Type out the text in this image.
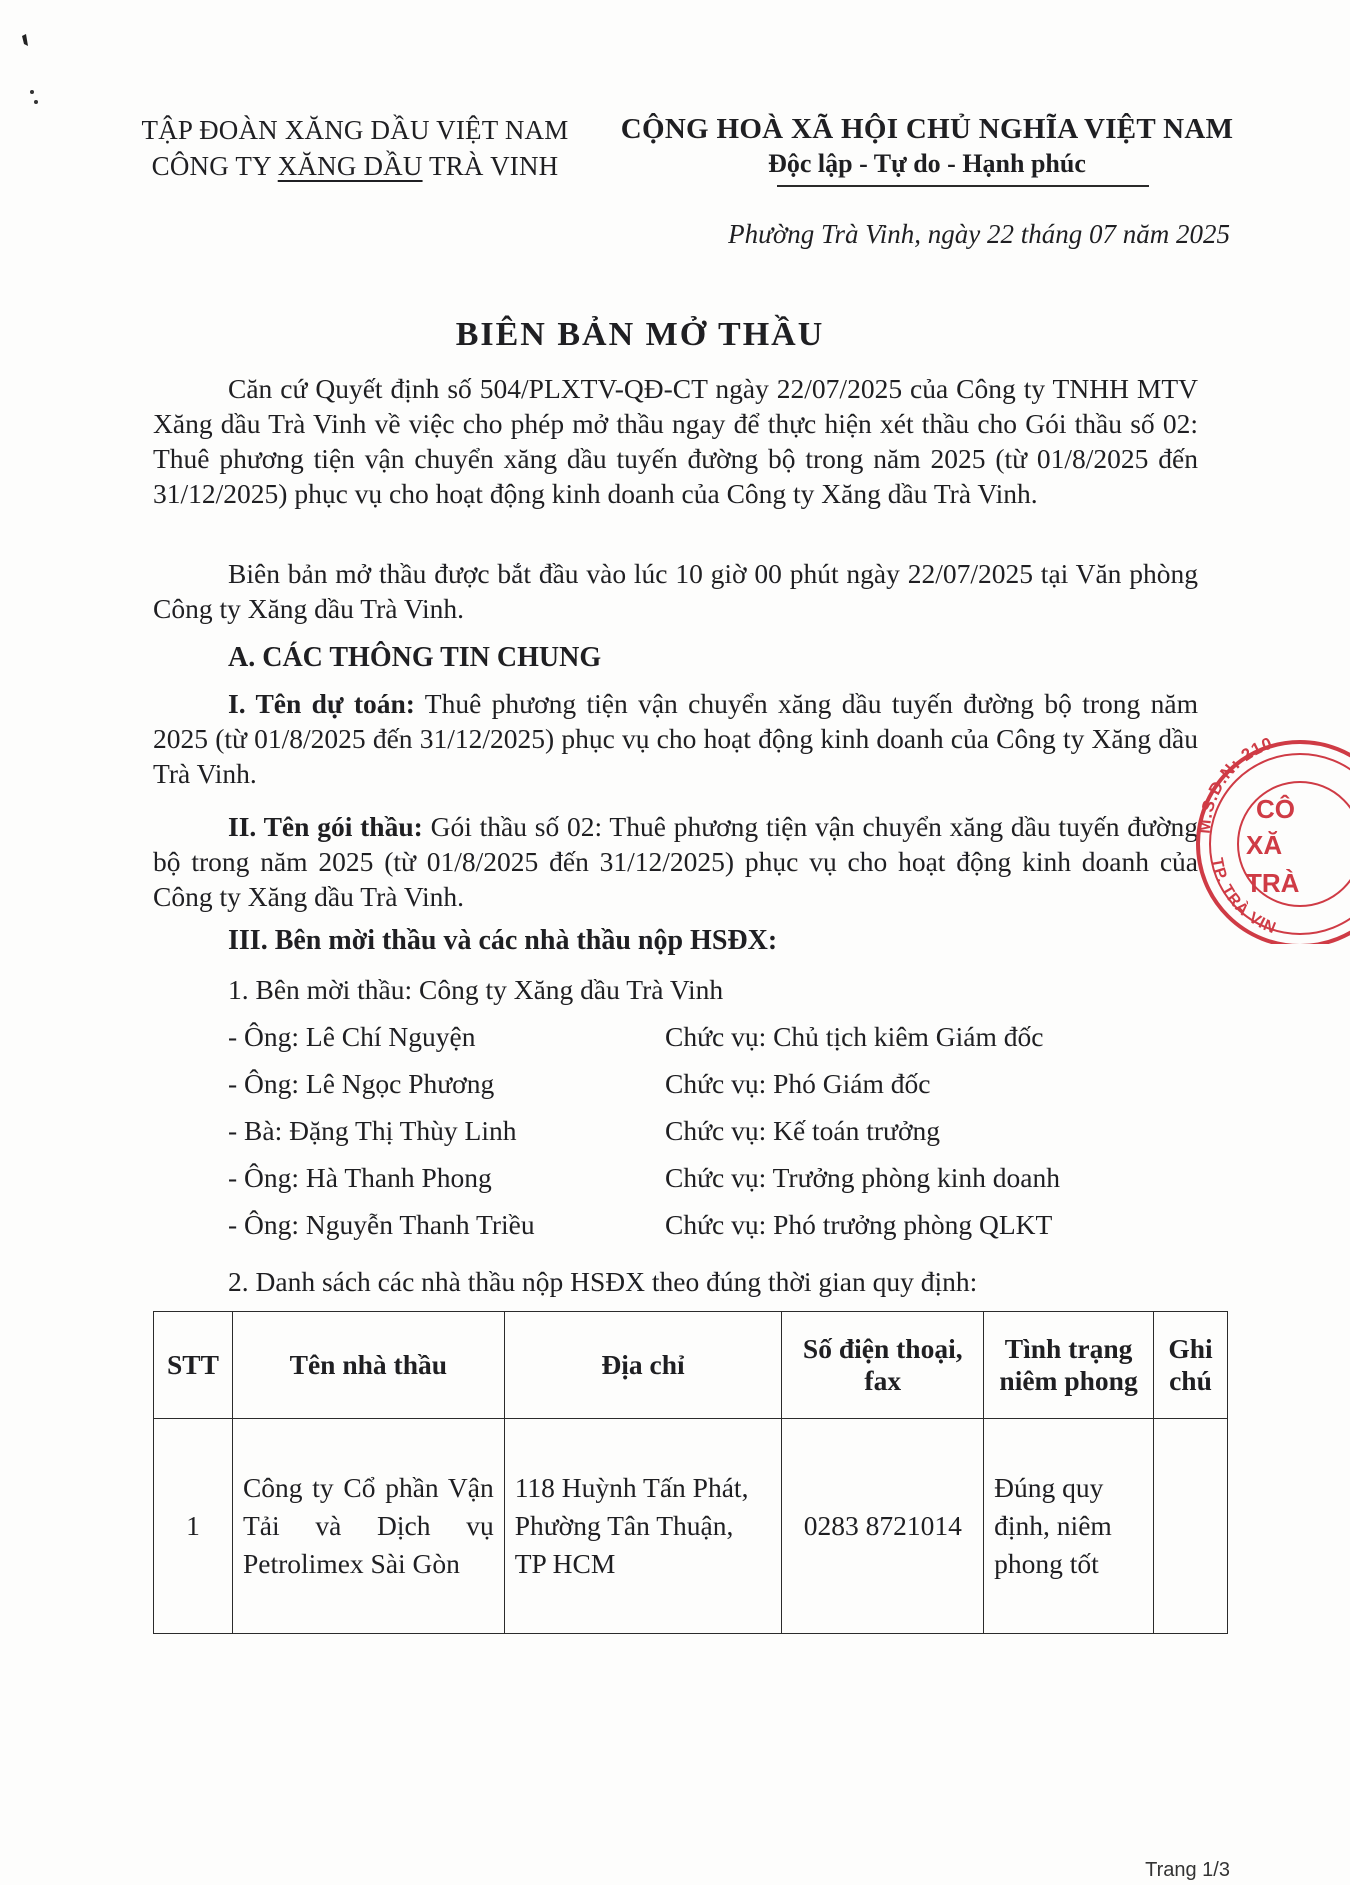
TẬP ĐOÀN XĂNG DẦU VIỆT NAM
CÔNG TY XĂNG DẦU TRÀ VINH
CỘNG HOÀ XÃ HỘI CHỦ NGHĨA VIỆT NAM
Độc lập - Tự do - Hạnh phúc
Phường Trà Vinh, ngày 22 tháng 07 năm 2025
BIÊN BẢN MỞ THẦU
Căn cứ Quyết định số 504/PLXTV-QĐ-CT ngày 22/07/2025 của Công ty TNHH MTV Xăng dầu Trà Vinh về việc cho phép mở thầu ngay để thực hiện xét thầu cho Gói thầu số 02: Thuê phương tiện vận chuyển xăng dầu tuyến đường bộ trong năm 2025 (từ 01/8/2025 đến 31/12/2025) phục vụ cho hoạt động kinh doanh của Công ty Xăng dầu Trà Vinh.
Biên bản mở thầu được bắt đầu vào lúc 10 giờ 00 phút ngày 22/07/2025 tại Văn phòng Công ty Xăng dầu Trà Vinh.
A. CÁC THÔNG TIN CHUNG
I. Tên dự toán: Thuê phương tiện vận chuyển xăng dầu tuyến đường bộ trong năm 2025 (từ 01/8/2025 đến 31/12/2025) phục vụ cho hoạt động kinh doanh của Công ty Xăng dầu Trà Vinh.
II. Tên gói thầu: Gói thầu số 02: Thuê phương tiện vận chuyển xăng dầu tuyến đường bộ trong năm 2025 (từ 01/8/2025 đến 31/12/2025) phục vụ cho hoạt động kinh doanh của Công ty Xăng dầu Trà Vinh.
III. Bên mời thầu và các nhà thầu nộp HSĐX:
1. Bên mời thầu: Công ty Xăng dầu Trà Vinh
- Ông: Lê Chí Nguyện	Chức vụ: Chủ tịch kiêm Giám đốc
- Ông: Lê Ngọc Phương	Chức vụ: Phó Giám đốc
- Bà: Đặng Thị Thùy Linh	Chức vụ: Kế toán trưởng
- Ông: Hà Thanh Phong	Chức vụ: Trưởng phòng kinh doanh
- Ông: Nguyễn Thanh Triều	Chức vụ: Phó trưởng phòng QLKT
2. Danh sách các nhà thầu nộp HSĐX theo đúng thời gian quy định:
STT	Tên nhà thầu	Địa chỉ	Số điện thoại, fax	Tình trạng niêm phong	Ghi chú
1	Công ty Cổ phần Vận Tải và Dịch vụ Petrolimex Sài Gòn	118 Huỳnh Tấn Phát, Phường Tân Thuận, TP HCM	0283 8721014	Đúng quy định, niêm phong tốt	
M.S.D.N: 210
TP. TRÀ VIN
CÔ
XĂ
TRÀ
Trang 1/3
